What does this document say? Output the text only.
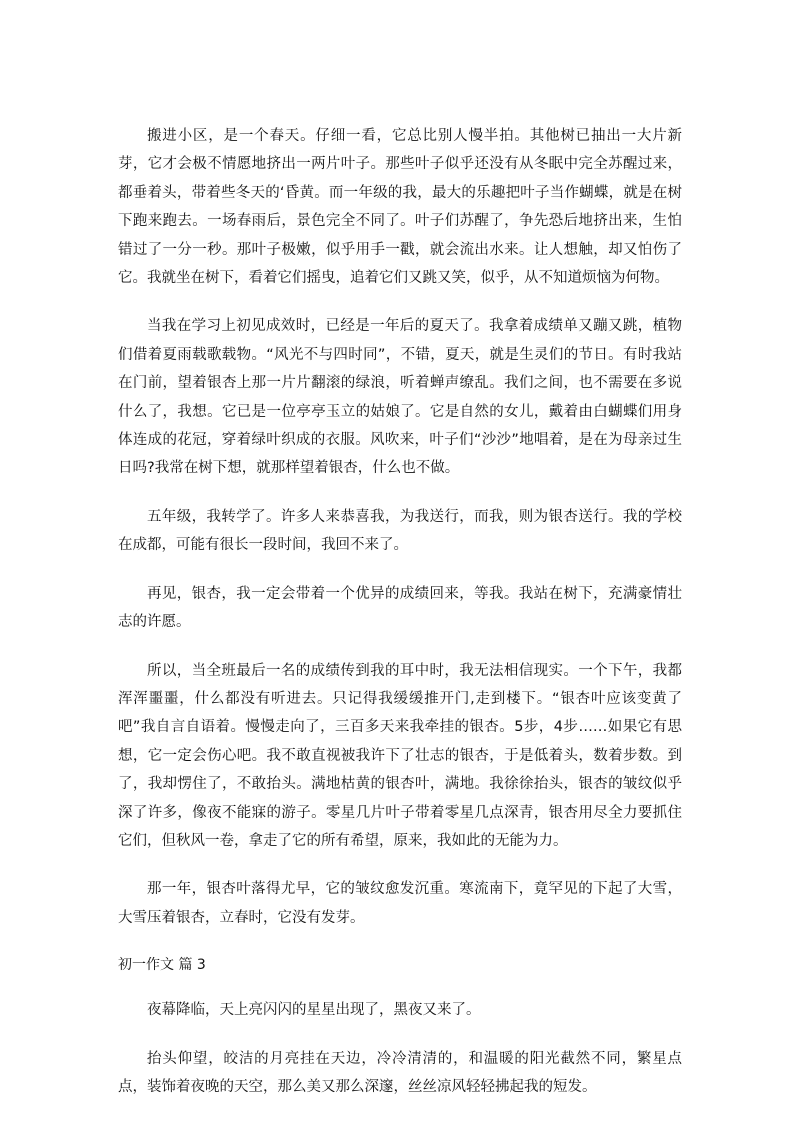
搬进小区，是一个春天。仔细一看，它总比别人慢半拍。其他树已抽出一大片新芽，它才会极不情愿地挤出一两片叶子。那些叶子似乎还没有从冬眠中完全苏醒过来，都垂着头，带着些冬天的‘昏黄。而一年级的我，最大的乐趣把叶子当作蝴蝶，就是在树下跑来跑去。一场春雨后，景色完全不同了。叶子们苏醒了，争先恐后地挤出来，生怕错过了一分一秒。那叶子极嫩，似乎用手一戳，就会流出水来。让人想触，却又怕伤了它。我就坐在树下，看着它们摇曳，追着它们又跳又笑，似乎，从不知道烦恼为何物。

当我在学习上初见成效时，已经是一年后的夏天了。我拿着成绩单又蹦又跳，植物们借着夏雨载歌载物。“风光不与四时同”，不错，夏天，就是生灵们的节日。有时我站在门前，望着银杏上那一片片翻滚的绿浪，听着蝉声缭乱。我们之间，也不需要在多说什么了，我想。它已是一位亭亭玉立的姑娘了。它是自然的女儿，戴着由白蝴蝶们用身体连成的花冠，穿着绿叶织成的衣服。风吹来，叶子们“沙沙”地唱着，是在为母亲过生日吗?我常在树下想，就那样望着银杏，什么也不做。

五年级，我转学了。许多人来恭喜我，为我送行，而我，则为银杏送行。我的学校在成都，可能有很长一段时间，我回不来了。

再见，银杏，我一定会带着一个优异的成绩回来，等我。我站在树下，充满豪情壮志的许愿。

所以，当全班最后一名的成绩传到我的耳中时，我无法相信现实。一个下午，我都浑浑噩噩，什么都没有听进去。只记得我缓缓推开门,走到楼下。“银杏叶应该变黄了吧”我自言自语着。慢慢走向了，三百多天来我牵挂的银杏。5步，4步……如果它有思想，它一定会伤心吧。我不敢直视被我许下了壮志的银杏，于是低着头，数着步数。到了，我却愣住了，不敢抬头。满地枯黄的银杏叶，满地。我徐徐抬头，银杏的皱纹似乎深了许多，像夜不能寐的游子。零星几片叶子带着零星几点深青，银杏用尽全力要抓住它们，但秋风一卷，拿走了它的所有希望，原来，我如此的无能为力。

那一年，银杏叶落得尤早，它的皱纹愈发沉重。寒流南下，竟罕见的下起了大雪，大雪压着银杏，立春时，它没有发芽。

初一作文 篇 3

夜幕降临，天上亮闪闪的星星出现了，黑夜又来了。

抬头仰望，皎洁的月亮挂在天边，冷冷清清的，和温暖的阳光截然不同，繁星点点，装饰着夜晚的天空，那么美又那么深邃，丝丝凉风轻轻拂起我的短发。
